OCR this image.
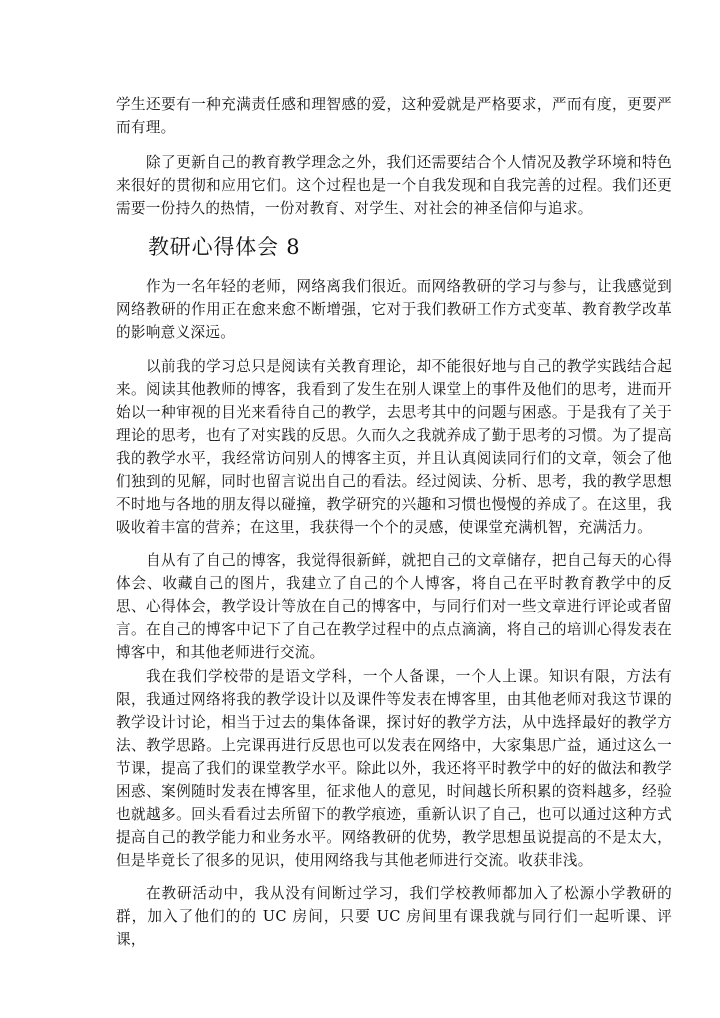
学生还要有一种充满责任感和理智感的爱，这种爱就是严格要求，严而有度，更要严而有理。

除了更新自己的教育教学理念之外，我们还需要结合个人情况及教学环境和特色来很好的贯彻和应用它们。这个过程也是一个自我发现和自我完善的过程。我们还更需要一份持久的热情，一份对教育、对学生、对社会的神圣信仰与追求。

教研心得体会 8

作为一名年轻的老师，网络离我们很近。而网络教研的学习与参与，让我感觉到网络教研的作用正在愈来愈不断增强，它对于我们教研工作方式变革、教育教学改革的影响意义深远。

以前我的学习总只是阅读有关教育理论，却不能很好地与自己的教学实践结合起来。阅读其他教师的博客，我看到了发生在别人课堂上的事件及他们的思考，进而开始以一种审视的目光来看待自己的教学，去思考其中的问题与困惑。于是我有了关于理论的思考，也有了对实践的反思。久而久之我就养成了勤于思考的习惯。为了提高我的教学水平，我经常访问别人的博客主页，并且认真阅读同行们的文章，领会了他们独到的见解，同时也留言说出自己的看法。经过阅读、分析、思考，我的教学思想不时地与各地的朋友得以碰撞，教学研究的兴趣和习惯也慢慢的养成了。在这里，我吸收着丰富的营养；在这里，我获得一个个的灵感，使课堂充满机智，充满活力。

自从有了自己的博客，我觉得很新鲜，就把自己的文章储存，把自己每天的心得体会、收藏自己的图片，我建立了自己的个人博客，将自己在平时教育教学中的反思、心得体会，教学设计等放在自己的博客中，与同行们对一些文章进行评论或者留言。在自己的博客中记下了自己在教学过程中的点点滴滴，将自己的培训心得发表在博客中，和其他老师进行交流。

我在我们学校带的是语文学科，一个人备课，一个人上课。知识有限，方法有限，我通过网络将我的教学设计以及课件等发表在博客里，由其他老师对我这节课的教学设计讨论，相当于过去的集体备课，探讨好的教学方法，从中选择最好的教学方法、教学思路。上完课再进行反思也可以发表在网络中，大家集思广益，通过这么一节课，提高了我们的课堂教学水平。除此以外，我还将平时教学中的好的做法和教学困惑、案例随时发表在博客里，征求他人的意见，时间越长所积累的资料越多，经验也就越多。回头看看过去所留下的教学痕迹，重新认识了自己，也可以通过这种方式提高自己的教学能力和业务水平。网络教研的优势，教学思想虽说提高的不是太大，但是毕竟长了很多的见识，使用网络我与其他老师进行交流。收获非浅。

在教研活动中，我从没有间断过学习，我们学校教师都加入了松源小学教研的群，加入了他们的的 UC 房间，只要 UC 房间里有课我就与同行们一起听课、评课，
